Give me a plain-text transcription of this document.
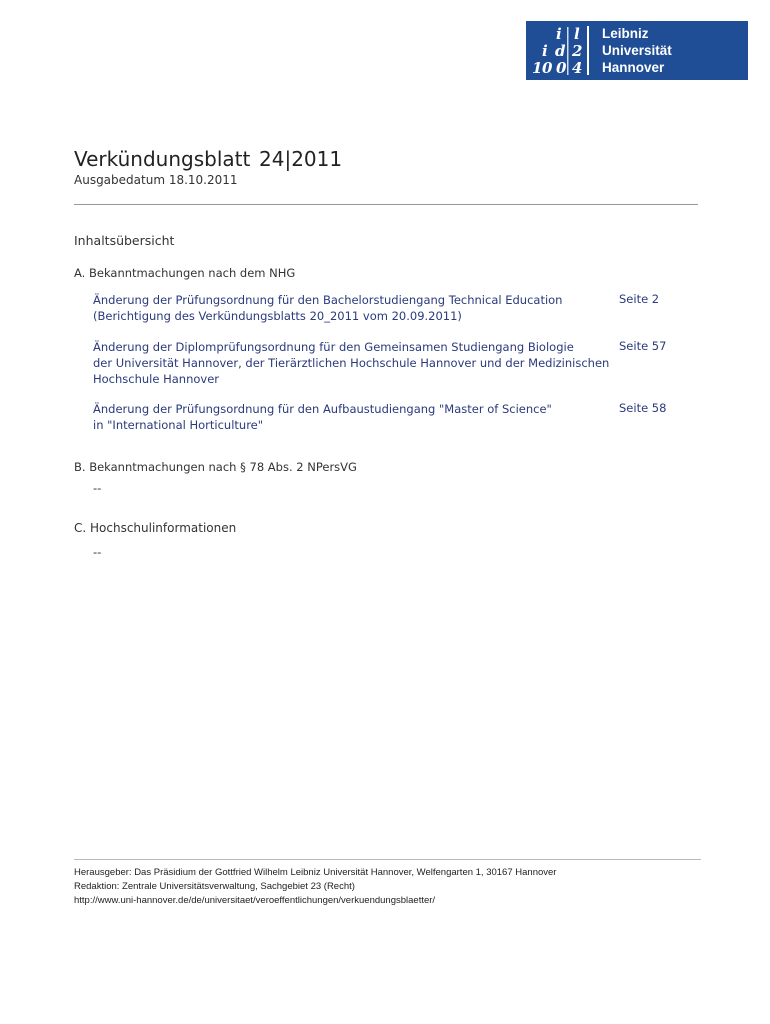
i l
i d 2
1 0 0 4
Leibniz
Universität
Hannover
Verkündungsblatt 24|2011
Ausgabedatum 18.10.2011
Inhaltsübersicht
A. Bekanntmachungen nach dem NHG
Änderung der Prüfungsordnung für den Bachelorstudiengang Technical Education
(Berichtigung des Verkündungsblatts 20_2011 vom 20.09.2011)
Seite 2
Änderung der Diplomprüfungsordnung für den Gemeinsamen Studiengang Biologie
der Universität Hannover, der Tierärztlichen Hochschule Hannover und der Medizinischen
Hochschule Hannover
Seite 57
Änderung der Prüfungsordnung für den Aufbaustudiengang "Master of Science"
in "International Horticulture"
Seite 58
B. Bekanntmachungen nach § 78 Abs. 2 NPersVG
--
C. Hochschulinformationen
--
Herausgeber: Das Präsidium der Gottfried Wilhelm Leibniz Universität Hannover, Welfengarten 1, 30167 Hannover
Redaktion: Zentrale Universitätsverwaltung, Sachgebiet 23 (Recht)
http://www.uni-hannover.de/de/universitaet/veroeffentlichungen/verkuendungsblaetter/
